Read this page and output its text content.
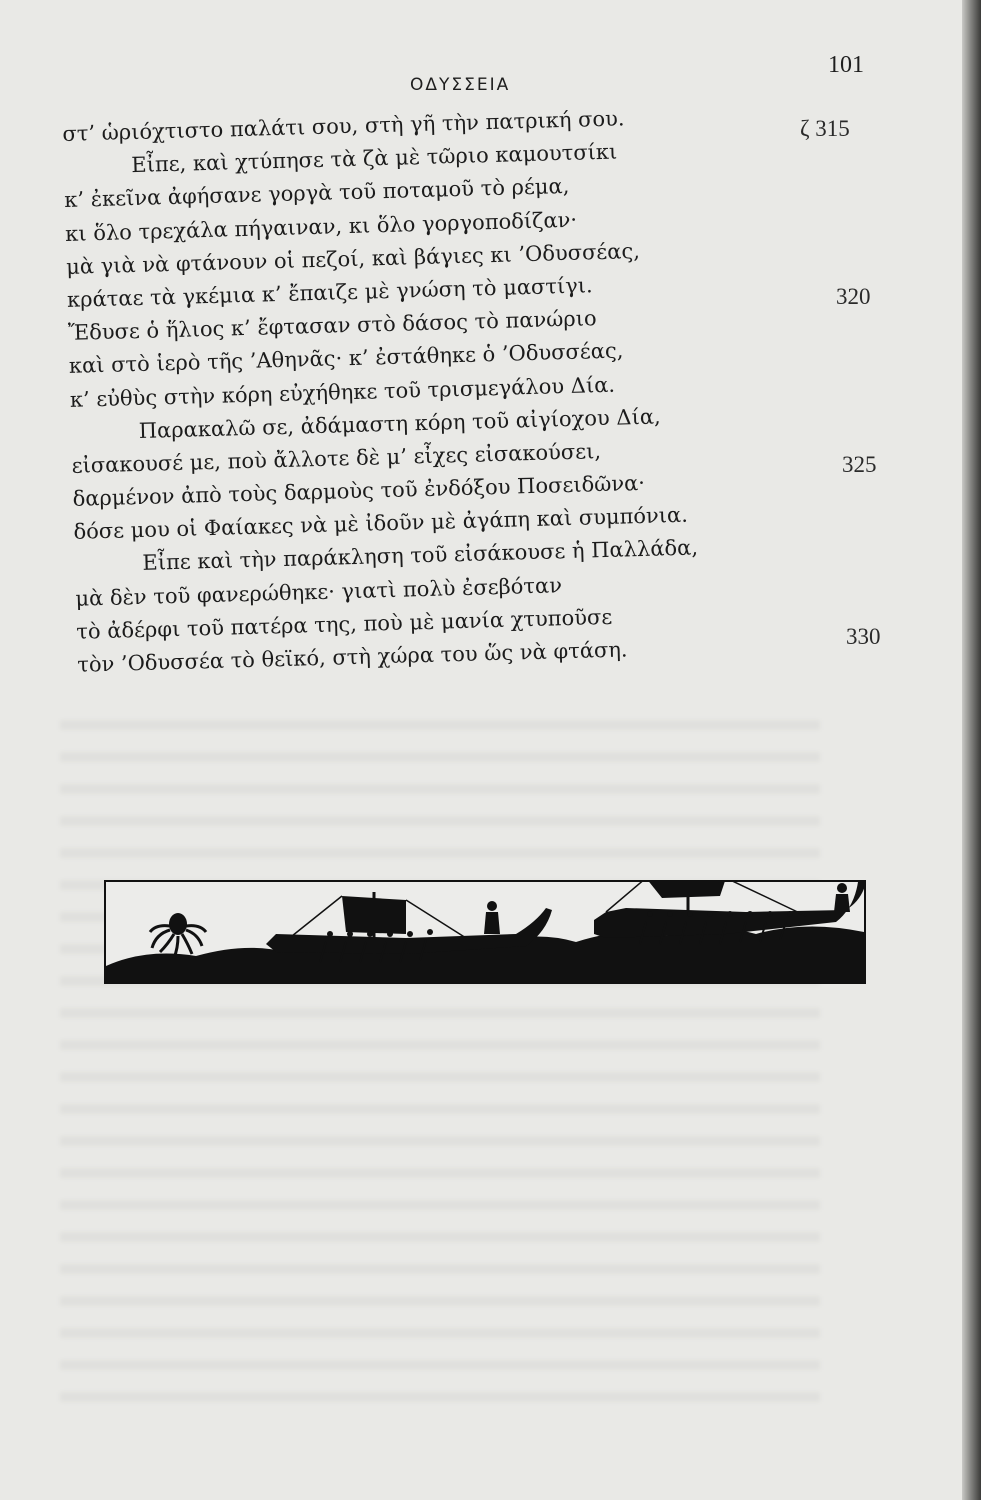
ΟΔΥΣΣΕΙΑ
101
στ’ ὡριόχτιστο παλάτι σου, στὴ γῆ τὴν πατρική σου.
Εἶπε, καὶ χτύπησε τὰ ζὰ μὲ τῶριο καμουτσίκι
κ’ ἐκεῖνα ἀφήσανε γοργὰ τοῦ ποταμοῦ τὸ ρέμα,
κι ὅλο τρεχάλα πήγαιναν, κι ὅλο γοργοποδίζαν·
μὰ γιὰ νὰ φτάνουν οἱ πεζοί, καὶ βάγιες κι ’Οδυσσέας,
κράταε τὰ γκέμια κ’ ἔπαιζε μὲ γνώση τὸ μαστίγι.
Ἔδυσε ὁ ἥλιος κ’ ἔφτασαν στὸ δάσος τὸ πανώριο
καὶ στὸ ἱερὸ τῆς ’Αθηνᾶς· κ’ ἐστάθηκε ὁ ’Οδυσσέας,
κ’ εὐθὺς στὴν κόρη εὐχήθηκε τοῦ τρισμεγάλου Δία.
Παρακαλῶ σε, ἀδάμαστη κόρη τοῦ αἰγίοχου Δία,
εἰσακουσέ με, ποὺ ἄλλοτε δὲ μ’ εἶχες εἰσακούσει,
δαρμένον ἀπὸ τοὺς δαρμοὺς τοῦ ἐνδόξου Ποσειδῶνα·
δόσε μου οἱ Φαίακες νὰ μὲ ἰδοῦν μὲ ἀγάπη καὶ συμπόνια.
Εἶπε καὶ τὴν παράκληση τοῦ εἰσάκουσε ἡ Παλλάδα,
μὰ δὲν τοῦ φανερώθηκε· γιατὶ πολὺ ἐσεβόταν
τὸ ἀδέρφι τοῦ πατέρα της, ποὺ μὲ μανία χτυποῦσε
τὸν ’Οδυσσέα τὸ θεϊκό, στὴ χώρα του ὥς νὰ φτάση.
ζ 315
320
325
330
